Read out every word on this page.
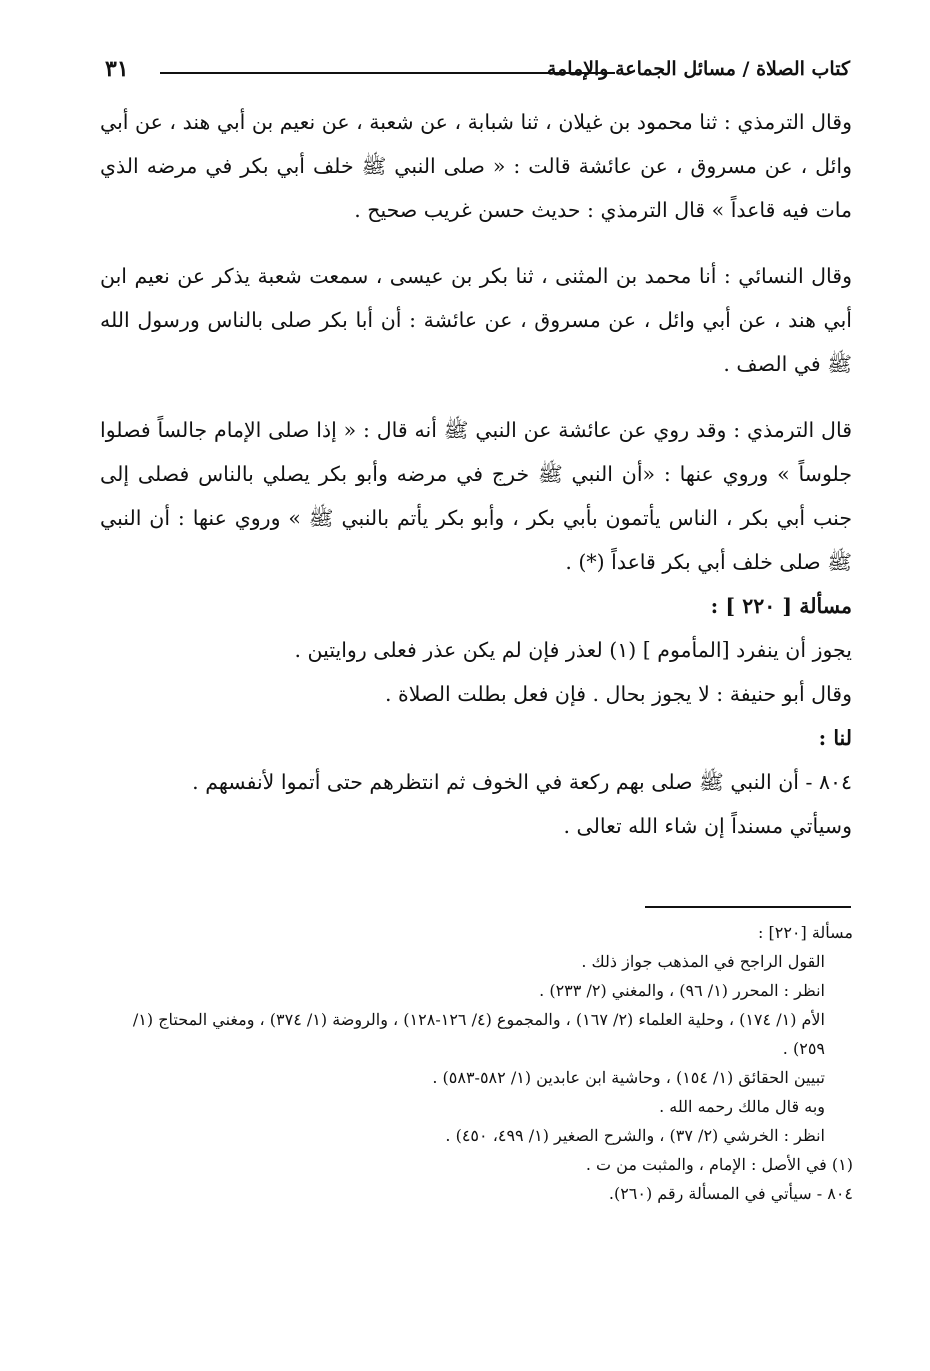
كتاب الصلاة / مسائل الجماعة والإمامة
٣١

وقال الترمذي : ثنا محمود بن غيلان ، ثنا شبابة ، عن شعبة ، عن نعيم بن أبي هند ، عن أبي وائل ، عن مسروق ، عن عائشة قالت : « صلى النبي ﷺ خلف أبي بكر في مرضه الذي مات فيه قاعداً » قال الترمذي : حديث حسن غريب صحيح .

وقال النسائي : أنا محمد بن المثنى ، ثنا بكر بن عيسى ، سمعت شعبة يذكر عن نعيم ابن أبي هند ، عن أبي وائل ، عن مسروق ، عن عائشة : أن أبا بكر صلى بالناس ورسول الله ﷺ في الصف .

قال الترمذي : وقد روي عن عائشة عن النبي ﷺ أنه قال : « إذا صلى الإمام جالساً فصلوا جلوساً » وروي عنها : «أن النبي ﷺ خرج في مرضه وأبو بكر يصلي بالناس فصلى إلى جنب أبي بكر ، الناس يأتمون بأبي بكر ، وأبو بكر يأتم بالنبي ﷺ » وروي عنها : أن النبي ﷺ صلى خلف أبي بكر قاعداً (*) .

مسألة [ ٢٢٠ ] :

يجوز أن ينفرد [المأموم ] (١) لعذر فإن لم يكن عذر فعلى روايتين .

وقال أبو حنيفة : لا يجوز بحال . فإن فعل بطلت الصلاة .

لنا :

٨٠٤ - أن النبي ﷺ صلى بهم ركعة في الخوف ثم انتظرهم حتى أتموا لأنفسهم .

وسيأتي مسنداً إن شاء الله تعالى .

مسألة [٢٢٠] :

القول الراجح في المذهب جواز ذلك .

انظر : المحرر (١/ ٩٦) ، والمغني (٢/ ٢٣٣) .

الأم (١/ ١٧٤) ، وحلية العلماء (٢/ ١٦٧) ، والمجموع (٤/ ١٢٦-١٢٨) ، والروضة (١/ ٣٧٤) ، ومغني المحتاج (١/ ٢٥٩) .

تبيين الحقائق (١/ ١٥٤) ، وحاشية ابن عابدين (١/ ٥٨٢-٥٨٣) .

وبه قال مالك رحمه الله .

انظر : الخرشي (٢/ ٣٧) ، والشرح الصغير (١/ ٤٩٩، ٤٥٠) .

(١) في الأصل : الإمام ، والمثبت من ت .

٨٠٤ - سيأتي في المسألة رقم (٢٦٠).
